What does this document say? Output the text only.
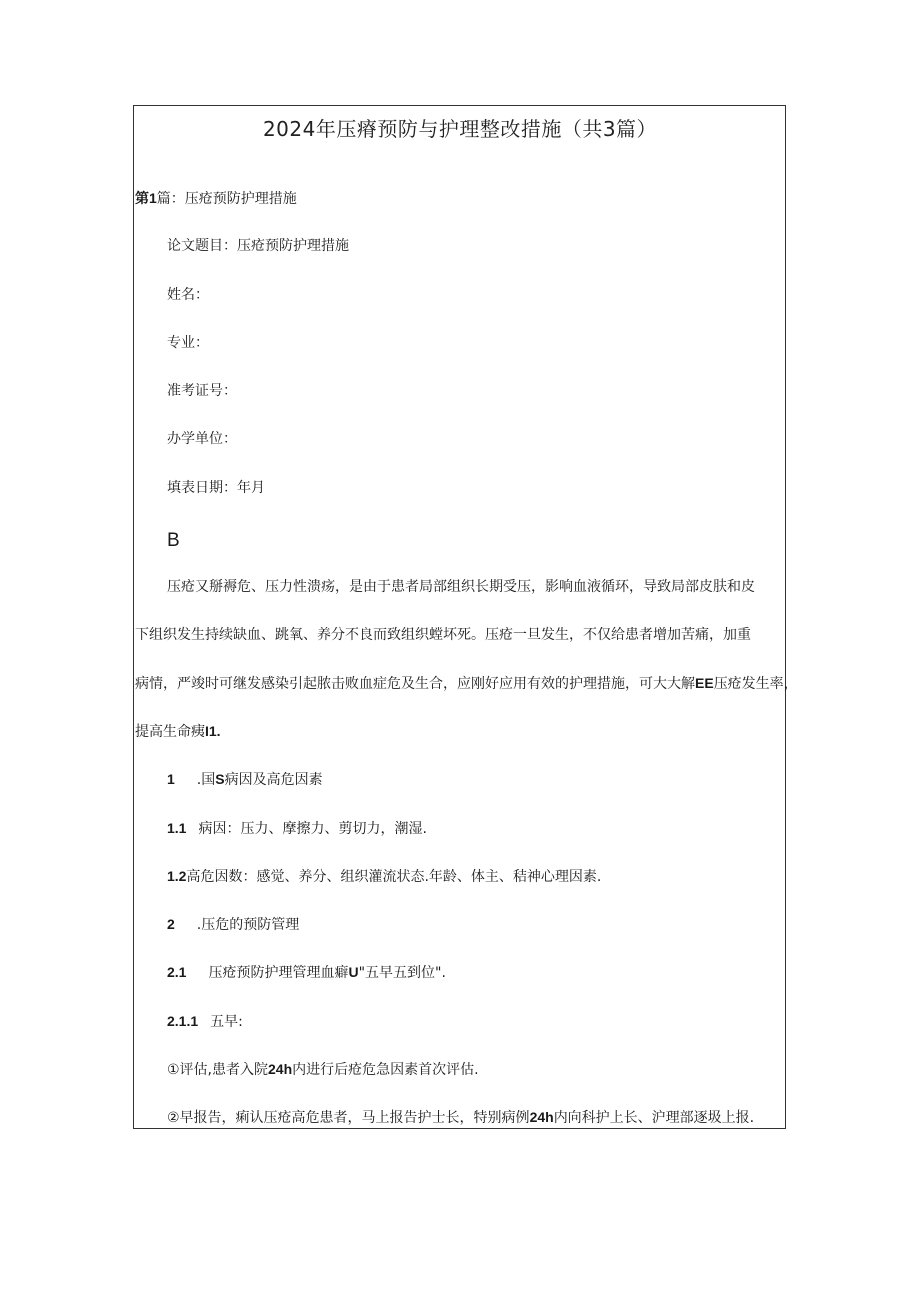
2024年压瘠预防与护理整改措施（共3篇）
第1篇：压疮预防护理措施
论文题目：压疮预防护理措施
姓名：
专业：
准考证号：
办学单位：
填表日期：年月
B
压疮又掰褥危、压力性溃疡，是由于患者局部组织长期受压，影响血液循环，导致局部皮肤和皮
下组织发生持续缺血、跳氧、养分不良而致组织螳坏死。压疮一旦发生，不仅给患者增加苦痛，加重
病情，严竣时可继发感染引起脓击败血症危及生合，应刚好应用有效的护理措施，可大大解EE压疮发生率，
提高生命痍I1.
1 .国S病因及高危因素
1.1 病因：压力、摩擦力、剪切力，潮湿.
1.2高危因数：感觉、养分、组织灌流状态.年龄、体主、秸神心理因素.
2 .压危的预防管理
2.1 压疮预防护理管理血癖U"五早五到位".
2.1.1 五早:
①评估,患者入院24h内进行后疮危急因素首次评估.
②早报告，痢认压疮高危患者，马上报告护士长，特别病例24h内向科护上长、沪理部逐圾上报.
